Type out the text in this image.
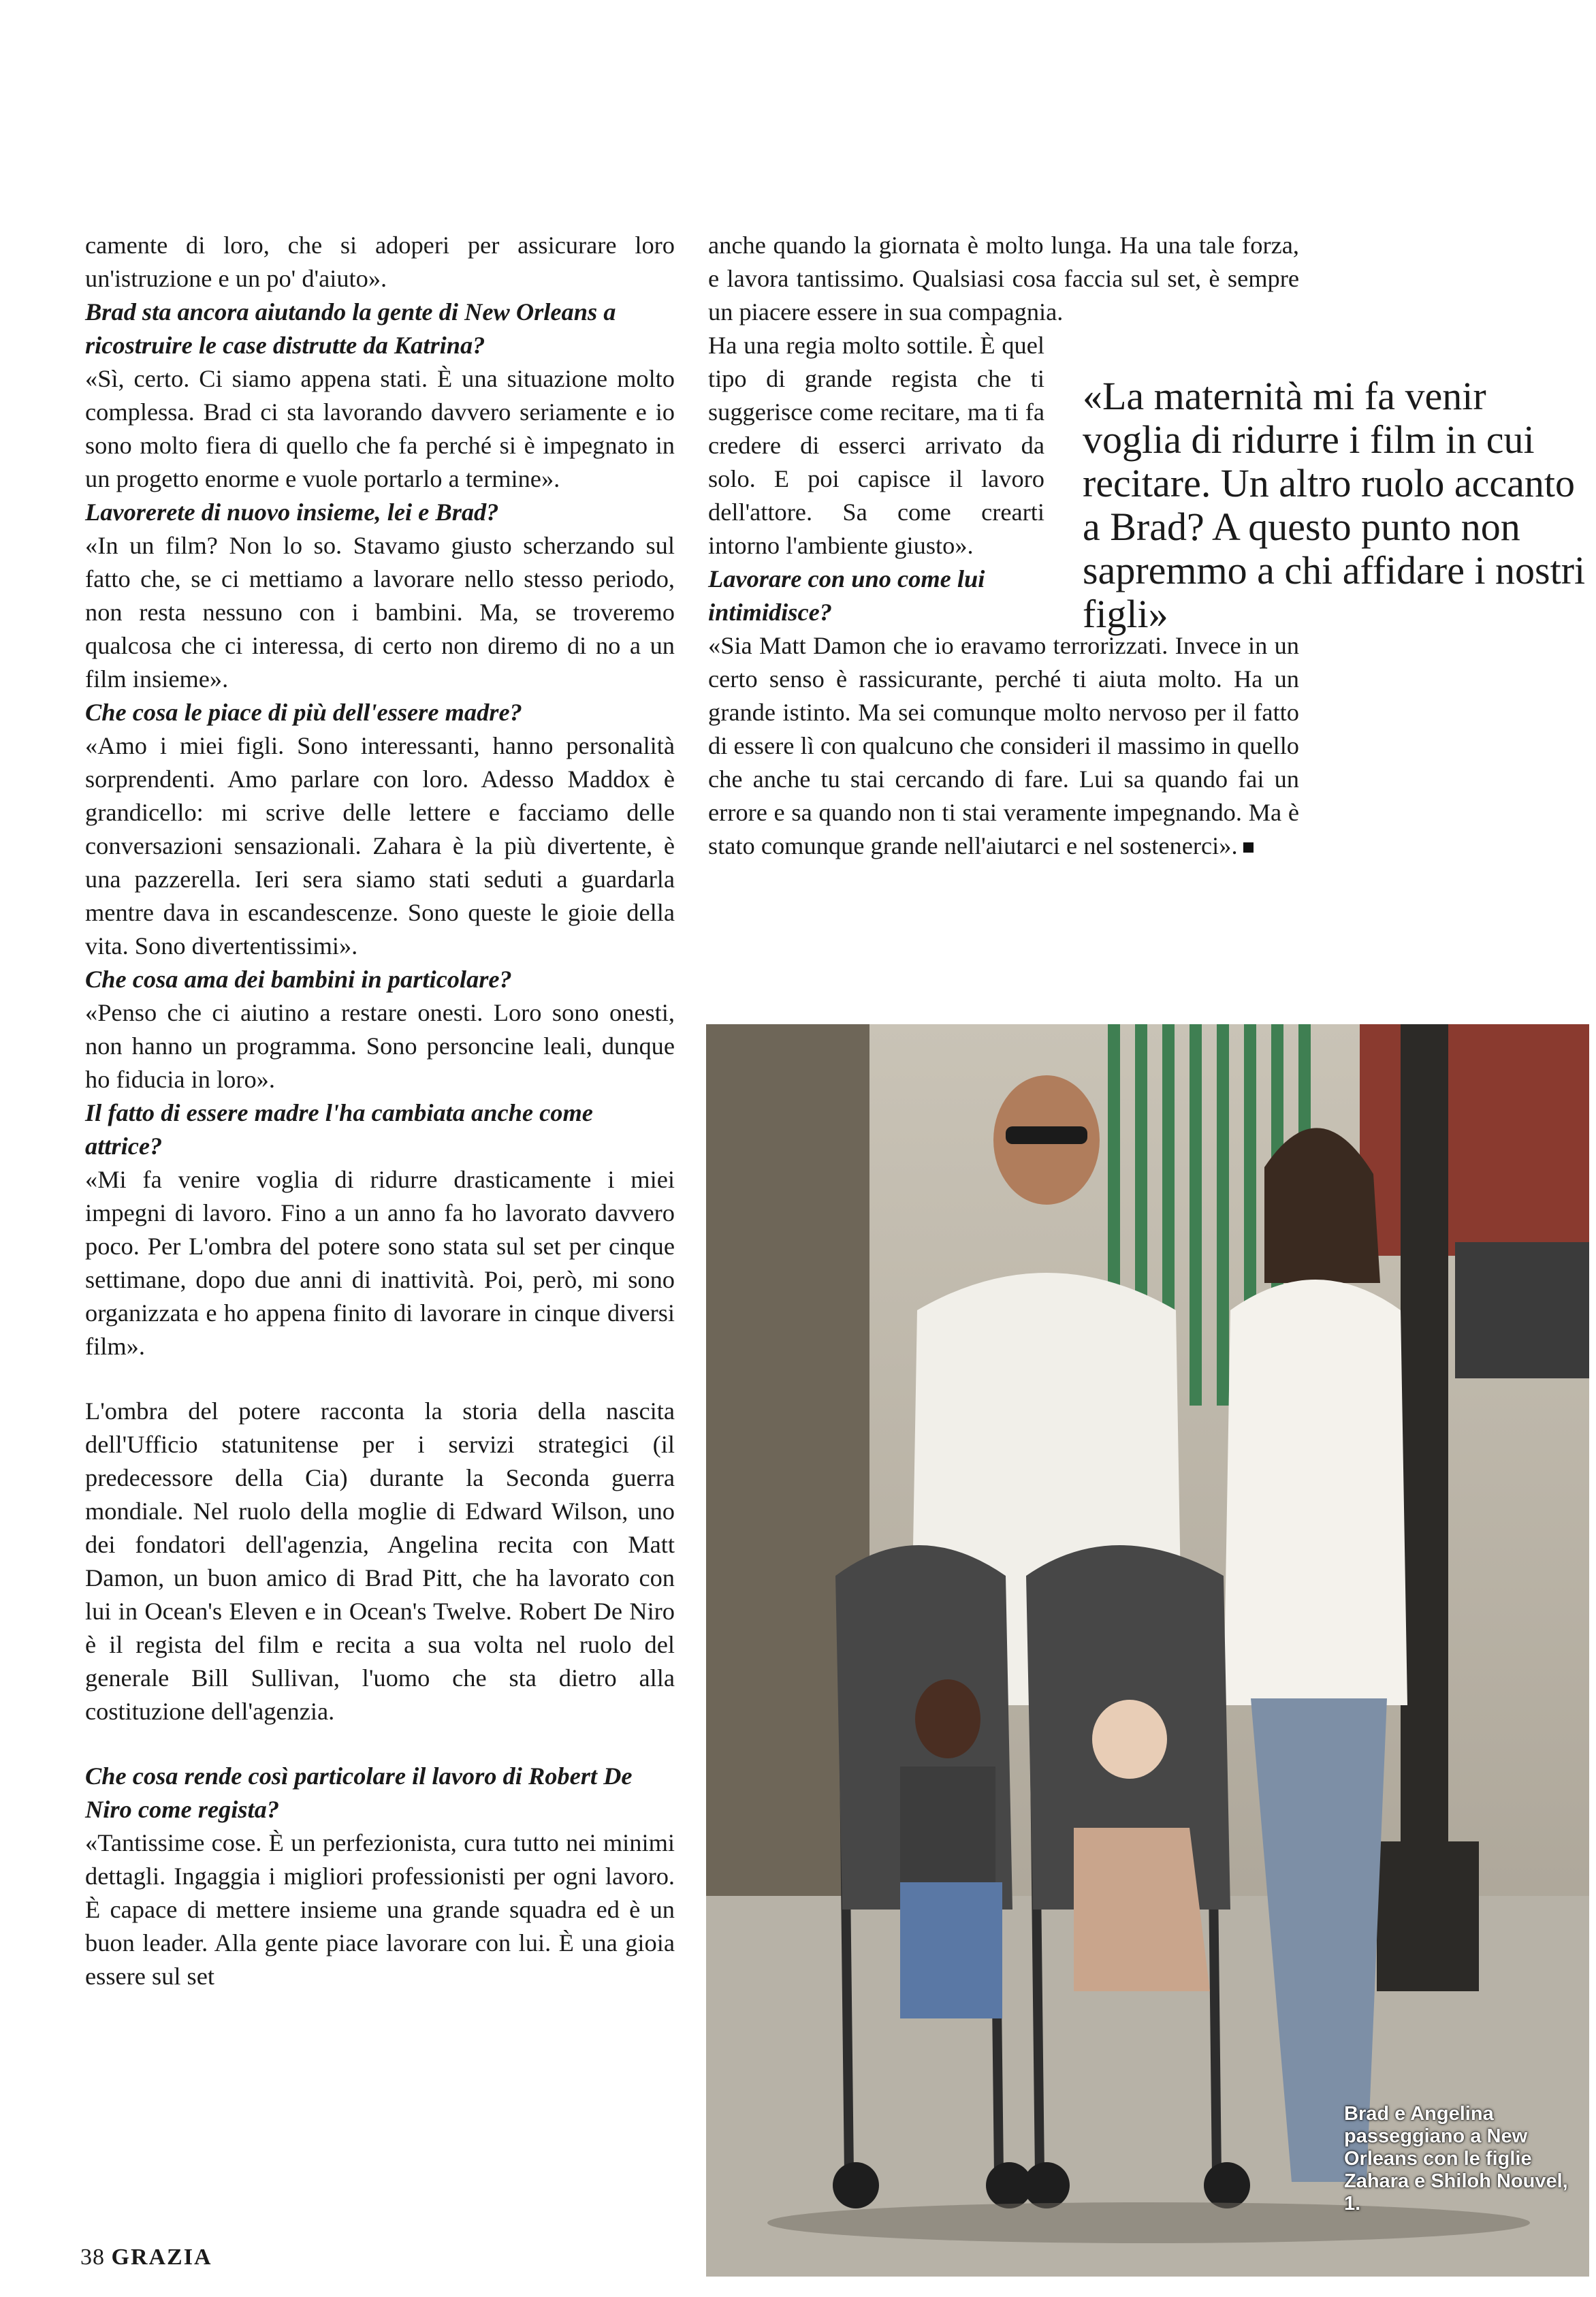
camente di loro, che si adoperi per assicurare loro un'istruzione e un po' d'aiuto».

Brad sta ancora aiutando la gente di New Orleans a ricostruire le case distrutte da Katrina?

«Sì, certo. Ci siamo appena stati. È una situazione molto complessa. Brad ci sta lavorando davvero seriamente e io sono molto fiera di quello che fa perché si è impegnato in un progetto enorme e vuole portarlo a termine».

Lavorerete di nuovo insieme, lei e Brad?

«In un film? Non lo so. Stavamo giusto scherzando sul fatto che, se ci mettiamo a lavorare nello stesso periodo, non resta nessuno con i bambini. Ma, se troveremo qualcosa che ci interessa, di certo non diremo di no a un film insieme».

Che cosa le piace di più dell'essere madre?

«Amo i miei figli. Sono interessanti, hanno personalità sorprendenti. Amo parlare con loro. Adesso Maddox è grandicello: mi scrive delle lettere e facciamo delle conversazioni sensazionali. Zahara è la più divertente, è una pazzerella. Ieri sera siamo stati seduti a guardarla mentre dava in escandescenze. Sono queste le gioie della vita. Sono divertentissimi».

Che cosa ama dei bambini in particolare?

«Penso che ci aiutino a restare onesti. Loro sono onesti, non hanno un programma. Sono personcine leali, dunque ho fiducia in loro».

Il fatto di essere madre l'ha cambiata anche come attrice?

«Mi fa venire voglia di ridurre drasticamente i miei impegni di lavoro. Fino a un anno fa ho lavorato davvero poco. Per L'ombra del potere sono stata sul set per cinque settimane, dopo due anni di inattività. Poi, però, mi sono organizzata e ho appena finito di lavorare in cinque diversi film».

L'ombra del potere racconta la storia della nascita dell'Ufficio statunitense per i servizi strategici (il predecessore della Cia) durante la Seconda guerra mondiale. Nel ruolo della moglie di Edward Wilson, uno dei fondatori dell'agenzia, Angelina recita con Matt Damon, un buon amico di Brad Pitt, che ha lavorato con lui in Ocean's Eleven e in Ocean's Twelve. Robert De Niro è il regista del film e recita a sua volta nel ruolo del generale Bill Sullivan, l'uomo che sta dietro alla costituzione dell'agenzia.

Che cosa rende così particolare il lavoro di Robert De Niro come regista?

«Tantissime cose. È un perfezionista, cura tutto nei minimi dettagli. Ingaggia i migliori professionisti per ogni lavoro. È capace di mettere insieme una grande squadra ed è un buon leader. Alla gente piace lavorare con lui. È una gioia essere sul set

anche quando la giornata è molto lunga. Ha una tale forza, e lavora tantissimo. Qualsiasi cosa faccia sul set, è sempre un piacere essere in sua compagnia.

Ha una regia molto sottile. È quel tipo di grande regista che ti suggerisce come recitare, ma ti fa credere di esserci arrivato da solo. E poi capisce il lavoro dell'attore. Sa come crearti intorno l'ambiente giusto».

Lavorare con uno come lui intimidisce?

«La maternità mi fa venir voglia di ridurre i film in cui recitare. Un altro ruolo accanto a Brad? A questo punto non sapremmo a chi affidare i nostri figli»

«Sia Matt Damon che io eravamo terrorizzati. Invece in un certo senso è rassicurante, perché ti aiuta molto. Ha un grande istinto. Ma sei comunque molto nervoso per il fatto di essere lì con qualcuno che consideri il massimo in quello che anche tu stai cercando di fare. Lui sa quando fai un errore e sa quando non ti stai veramente impegnando. Ma è stato comunque grande nell'aiutarci e nel sostenerci».

Brad e Angelina passeggiano a New Orleans con le figlie Zahara e Shiloh Nouvel, 1.
38 GRAZIA
